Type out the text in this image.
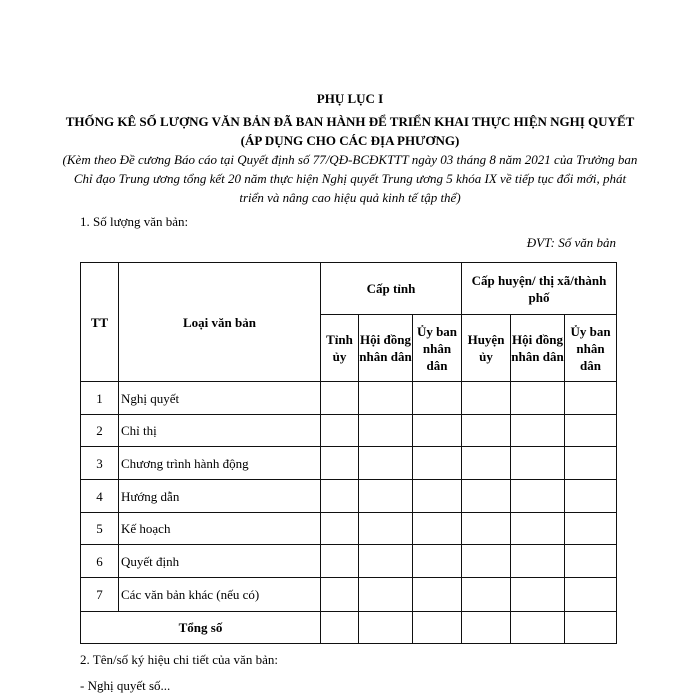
PHỤ LỤC I
THỐNG KÊ SỐ LƯỢNG VĂN BẢN ĐÃ BAN HÀNH ĐỂ TRIỂN KHAI THỰC HIỆN NGHỊ QUYẾT (ÁP DỤNG CHO CÁC ĐỊA PHƯƠNG)
(Kèm theo Đề cương Báo cáo tại Quyết định số 77/QĐ-BCĐKTTT ngày 03 tháng 8 năm 2021 của Trưởng ban Chỉ đạo Trung ương tổng kết 20 năm thực hiện Nghị quyết Trung ương 5 khóa IX về tiếp tục đổi mới, phát triển và nâng cao hiệu quả kinh tế tập thể)
1. Số lượng văn bản:
ĐVT: Số văn bản
TT	Loại văn bản	Cấp tỉnh			Cấp huyện/ thị xã/thành phố		
		Tỉnh ủy	Hội đồng nhân dân	Ủy ban nhân dân	Huyện ủy	Hội đồng nhân dân	Ủy ban nhân dân
1	Nghị quyết						
2	Chỉ thị						
3	Chương trình hành động						
4	Hướng dẫn						
5	Kế hoạch						
6	Quyết định						
7	Các văn bản khác (nếu có)						
Tổng số							
2. Tên/số ký hiệu chi tiết của văn bản:
- Nghị quyết số...
